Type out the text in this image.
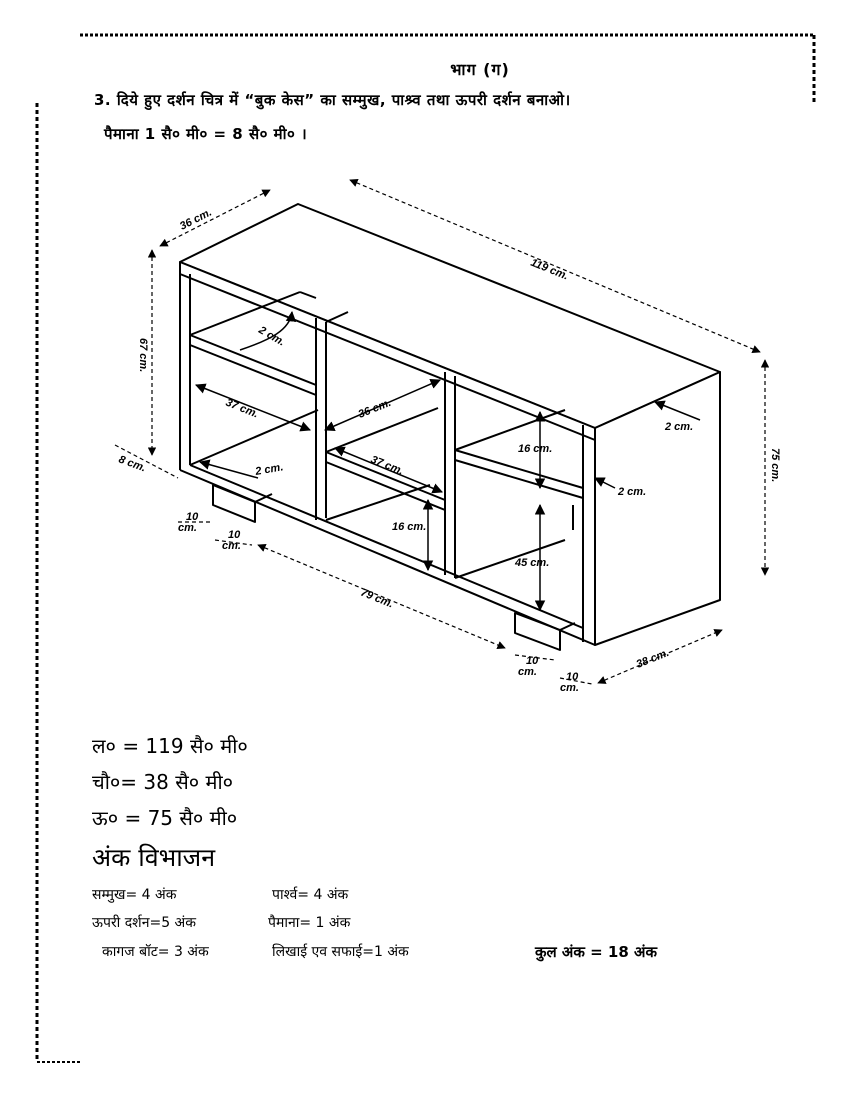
भाग (ग)
3. दिये हुए दर्शन चित्र में “बुक केस” का सम्मुख, पाश्र्व तथा ऊपरी दर्शन बनाओ।
पैमाना 1 सै० मी० = 8 सै० मी० ।
36 cm.
119 cm.
67 cm.
8 cm.
2 cm.
37 cm.	36 cm.
37 cm.
2 cm.
2 cm.
16 cm.
2 cm.
75 cm.
16 cm.
45 cm.
10
cm.
10
cm.
79 cm.
10
cm.	10
cm.
38 cm.
ल० = 119 सै० मी०
चौ०= 38 सै० मी०
ऊ० = 75 सै० मी०
अंक विभाजन
सम्मुख= 4 अंक	पार्श्व= 4 अंक
ऊपरी दर्शन=5 अंक	पैमाना= 1 अंक
कागज बॉट= 3 अंक	लिखाई एव सफाई=1 अंक	कुल अंक = 18 अंक
